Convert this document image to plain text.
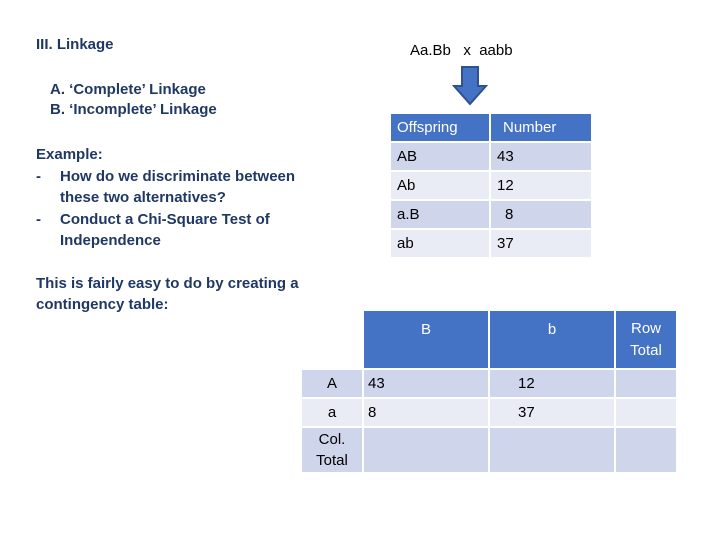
III. Linkage	Aa.Bb   x  aabb
A. ‘Complete’ Linkage
B. ‘Incomplete’ Linkage
Example:
-	How do we discriminate between these two alternatives?
-	Conduct a Chi-Square Test of Independence
This is fairly easy to do by creating a contingency table:
Offspring	Number
AB	43
Ab	12
a.B	8
ab	37
	B	b	Row Total
A	43	12	
a	8	37	
Col. Total			
